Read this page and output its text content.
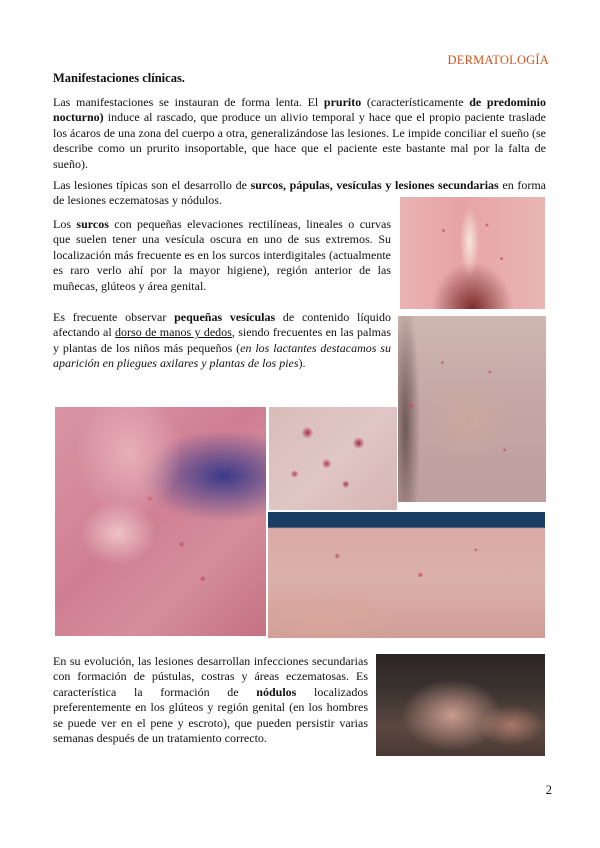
DERMATOLOGÍA
Manifestaciones clínicas.

Las manifestaciones se instauran de forma lenta. El prurito (característicamente de predominio nocturno) induce al rascado, que produce un alivio temporal y hace que el propio paciente traslade los ácaros de una zona del cuerpo a otra, generalizándose las lesiones. Le impide conciliar el sueño (se describe como un prurito insoportable, que hace que el paciente este bastante mal por la falta de sueño).

Las lesiones típicas son el desarrollo de surcos, pápulas, vesículas y lesiones secundarias en forma de lesiones eczematosas y nódulos.

Los surcos con pequeñas elevaciones rectilíneas, lineales o curvas que suelen tener una vesícula oscura en uno de sus extremos. Su localización más frecuente es en los surcos interdigitales (actualmente es raro verlo ahí por la mayor higiene), región anterior de las muñecas, glúteos y área genital.

Es frecuente observar pequeñas vesículas de contenido líquido afectando al dorso de manos y dedos, siendo frecuentes en las palmas y plantas de los niños más pequeños (en los lactantes destacamos su aparición en pliegues axilares y plantas de los pies).

En su evolución, las lesiones desarrollan infecciones secundarias con formación de pústulas, costras y áreas eczematosas. Es característica la formación de nódulos localizados preferentemente en los glúteos y región genital (en los hombres se puede ver en el pene y escroto), que pueden persistir varias semanas después de un tratamiento correcto.

2
